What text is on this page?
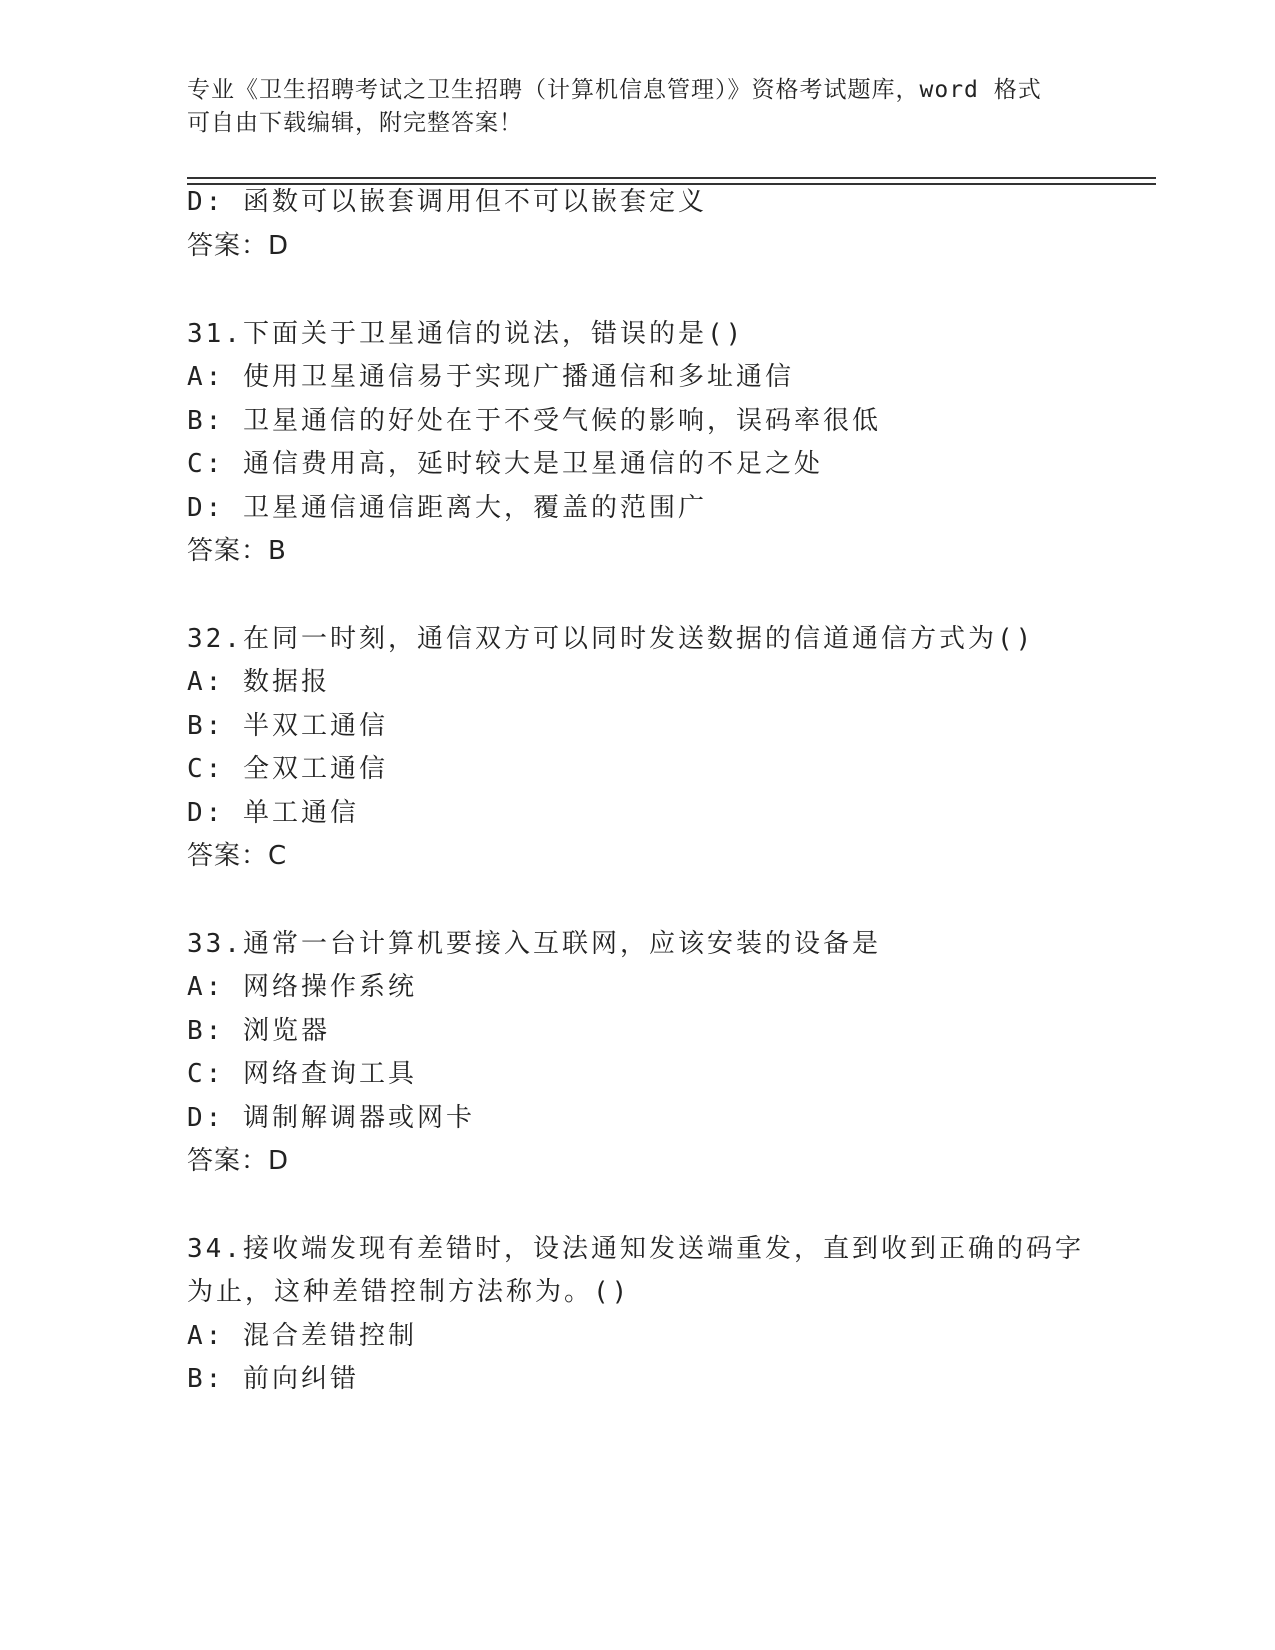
专业《卫生招聘考试之卫生招聘（计算机信息管理）》资格考试题库，word 格式
可自由下载编辑，附完整答案！

D: 函数可以嵌套调用但不可以嵌套定义
答案：D
31.下面关于卫星通信的说法，错误的是()
A: 使用卫星通信易于实现广播通信和多址通信
B: 卫星通信的好处在于不受气候的影响，误码率很低
C: 通信费用高，延时较大是卫星通信的不足之处
D: 卫星通信通信距离大，覆盖的范围广
答案：B
32.在同一时刻，通信双方可以同时发送数据的信道通信方式为()
A: 数据报
B: 半双工通信
C: 全双工通信
D: 单工通信
答案：C
33.通常一台计算机要接入互联网，应该安装的设备是
A: 网络操作系统
B: 浏览器
C: 网络查询工具
D: 调制解调器或网卡
答案：D
34.接收端发现有差错时，设法通知发送端重发，直到收到正确的码字
为止，这种差错控制方法称为。()
A: 混合差错控制
B: 前向纠错
